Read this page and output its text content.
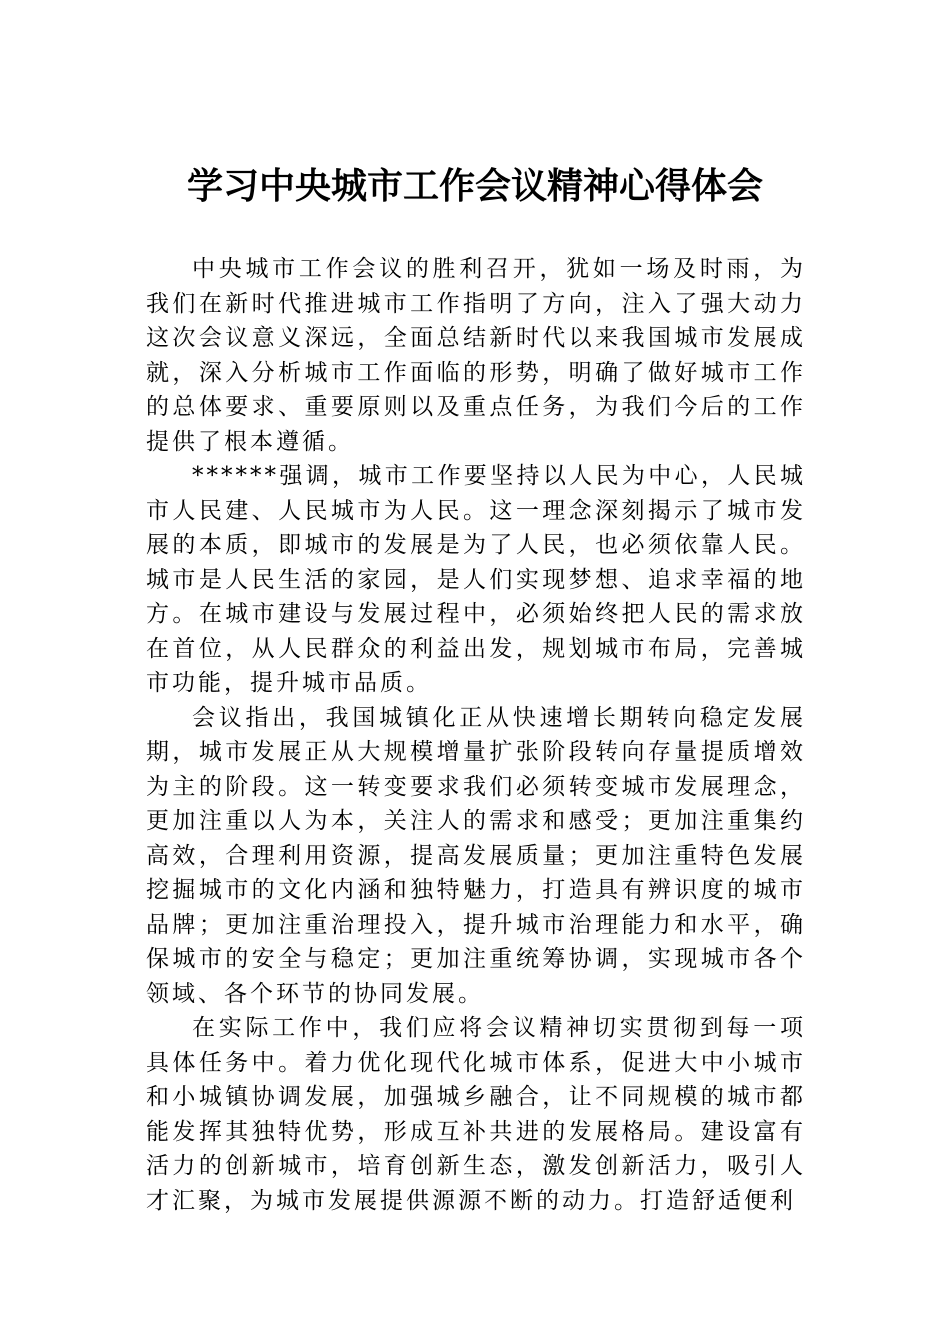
学习中央城市工作会议精神心得体会

中央城市工作会议的胜利召开，犹如一场及时雨，为我们在新时代推进城市工作指明了方向，注入了强大动力这次会议意义深远，全面总结新时代以来我国城市发展成就，深入分析城市工作面临的形势，明确了做好城市工作的总体要求、重要原则以及重点任务，为我们今后的工作提供了根本遵循。

******强调，城市工作要坚持以人民为中心，人民城市人民建、人民城市为人民。这一理念深刻揭示了城市发展的本质，即城市的发展是为了人民，也必须依靠人民。城市是人民生活的家园，是人们实现梦想、追求幸福的地方。在城市建设与发展过程中，必须始终把人民的需求放在首位，从人民群众的利益出发，规划城市布局，完善城市功能，提升城市品质。

会议指出，我国城镇化正从快速增长期转向稳定发展期，城市发展正从大规模增量扩张阶段转向存量提质增效为主的阶段。这一转变要求我们必须转变城市发展理念，更加注重以人为本，关注人的需求和感受；更加注重集约高效，合理利用资源，提高发展质量；更加注重特色发展挖掘城市的文化内涵和独特魅力，打造具有辨识度的城市品牌；更加注重治理投入，提升城市治理能力和水平，确保城市的安全与稳定；更加注重统筹协调，实现城市各个领域、各个环节的协同发展。

在实际工作中，我们应将会议精神切实贯彻到每一项具体任务中。着力优化现代化城市体系，促进大中小城市和小城镇协调发展，加强城乡融合，让不同规模的城市都能发挥其独特优势，形成互补共进的发展格局。建设富有活力的创新城市，培育创新生态，激发创新活力，吸引人才汇聚，为城市发展提供源源不断的动力。打造舒适便利
